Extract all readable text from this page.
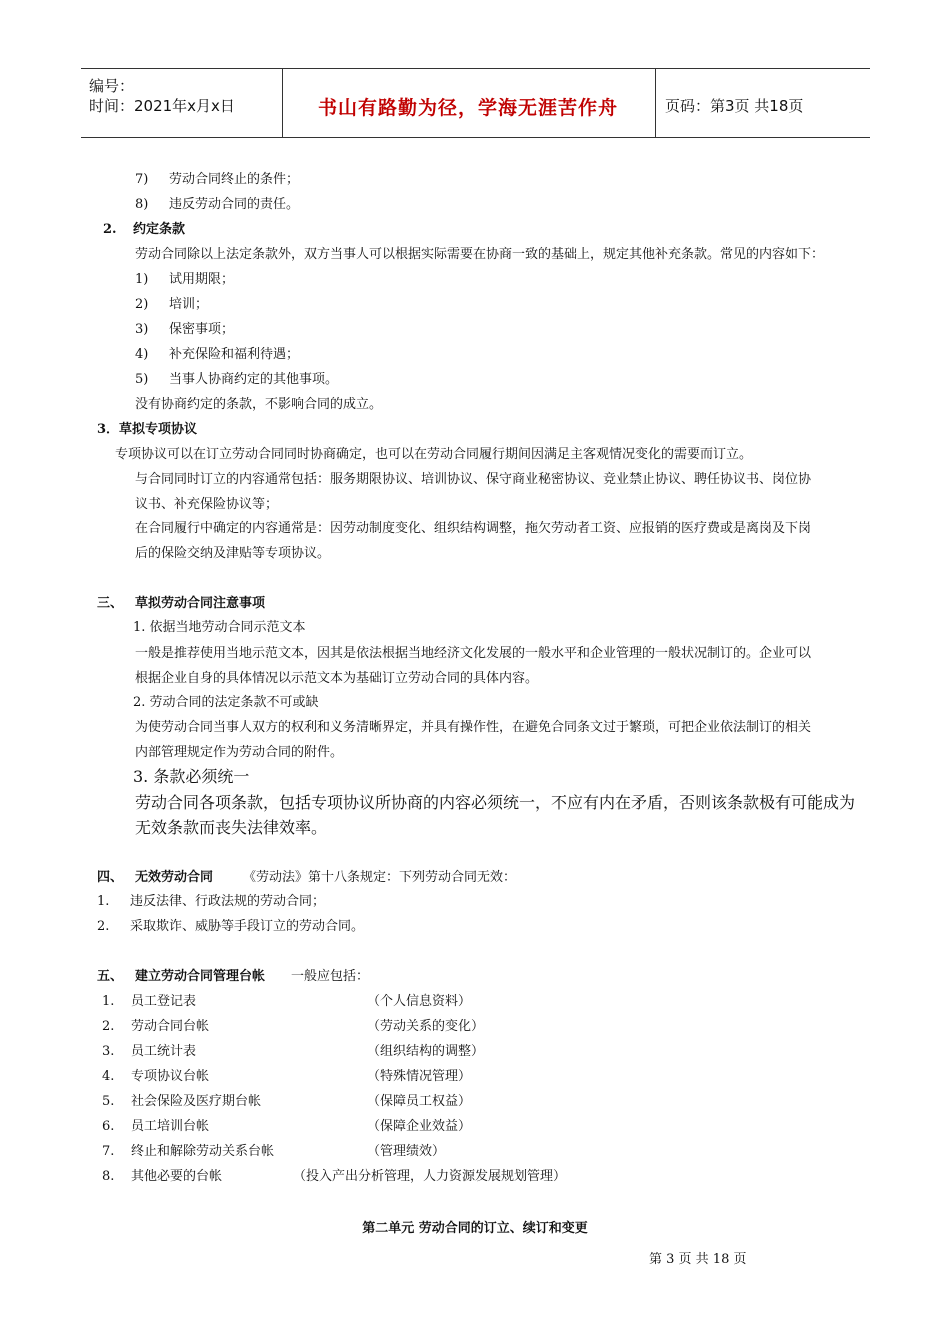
编号：
时间：2021年x月x日	书山有路勤为径，学海无涯苦作舟	页码：第3页 共18页
7) 劳动合同终止的条件；
8) 违反劳动合同的责任。
2. 约定条款
劳动合同除以上法定条款外，双方当事人可以根据实际需要在协商一致的基础上，规定其他补充条款。常见的内容如下：
1) 试用期限；
2) 培训；
3) 保密事项；
4) 补充保险和福利待遇；
5) 当事人协商约定的其他事项。
没有协商约定的条款，不影响合同的成立。
3．草拟专项协议
专项协议可以在订立劳动合同同时协商确定，也可以在劳动合同履行期间因满足主客观情况变化的需要而订立。
与合同同时订立的内容通常包括：服务期限协议、培训协议、保守商业秘密协议、竞业禁止协议、聘任协议书、岗位协
议书、补充保险协议等；
在合同履行中确定的内容通常是：因劳动制度变化、组织结构调整，拖欠劳动者工资、应报销的医疗费或是离岗及下岗
后的保险交纳及津贴等专项协议。
三、 草拟劳动合同注意事项
1. 依据当地劳动合同示范文本
一般是推荐使用当地示范文本，因其是依法根据当地经济文化发展的一般水平和企业管理的一般状况制订的。企业可以
根据企业自身的具体情况以示范文本为基础订立劳动合同的具体内容。
2. 劳动合同的法定条款不可或缺
为使劳动合同当事人双方的权利和义务清晰界定，并具有操作性，在避免合同条文过于繁琐，可把企业依法制订的相关
内部管理规定作为劳动合同的附件。
3. 条款必须统一
劳动合同各项条款，包括专项协议所协商的内容必须统一，不应有内在矛盾，否则该条款极有可能成为
无效条款而丧失法律效率。
四、 无效劳动合同 《劳动法》第十八条规定：下列劳动合同无效：
1. 违反法律、行政法规的劳动合同；
2. 采取欺诈、威胁等手段订立的劳动合同。
五、 建立劳动合同管理台帐 一般应包括：
1. 员工登记表	（个人信息资料）
2. 劳动合同台帐	（劳动关系的变化）
3. 员工统计表	（组织结构的调整）
4. 专项协议台帐	（特殊情况管理）
5. 社会保险及医疗期台帐	（保障员工权益）
6. 员工培训台帐	（保障企业效益）
7. 终止和解除劳动关系台帐	（管理绩效）
8. 其他必要的台帐	（投入产出分析管理，人力资源发展规划管理）
第二单元 劳动合同的订立、续订和变更
第 3 页 共 18 页
